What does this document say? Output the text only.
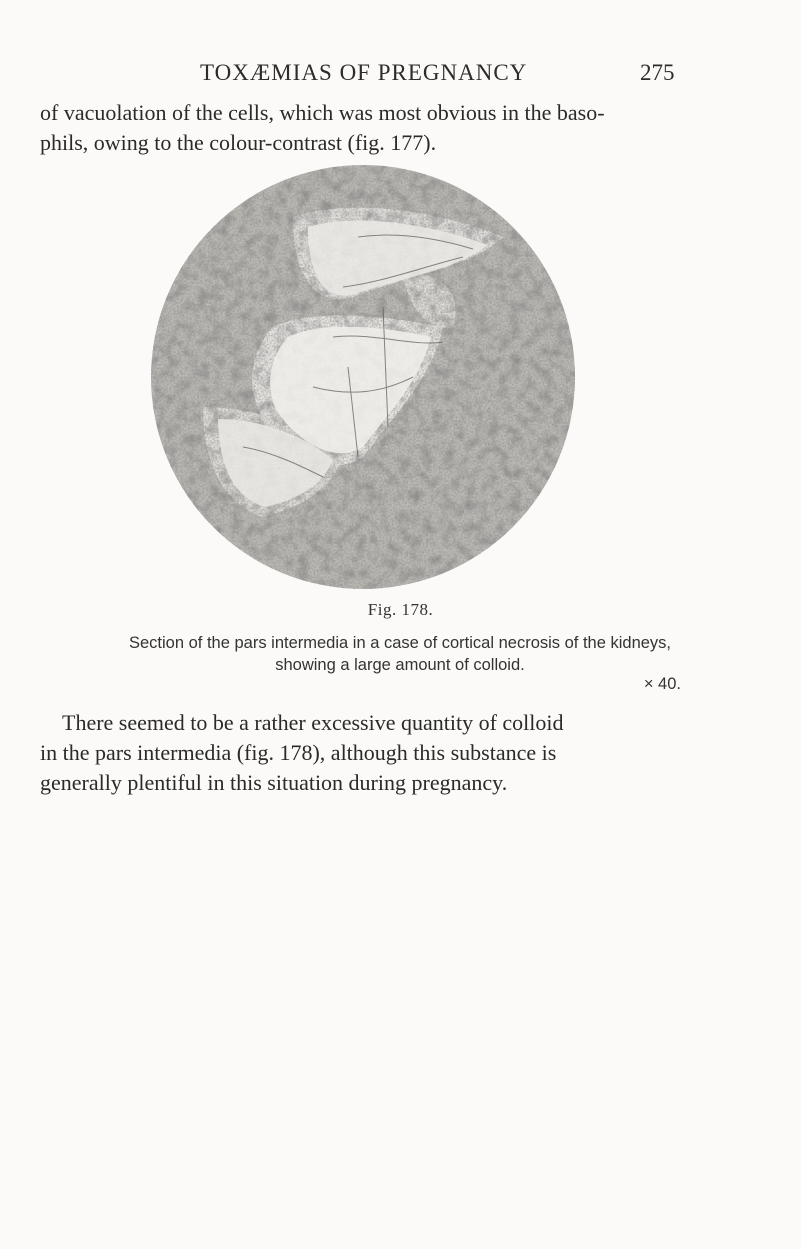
TOXÆMIAS OF PREGNANCY	275
of vacuolation of the cells, which was most obvious in the baso-
phils, owing to the colour-contrast (fig. 177).
Fig. 178.
Section of the pars intermedia in a case of cortical necrosis of the kidneys,
showing a large amount of colloid.
× 40.
There seemed to be a rather excessive quantity of colloid
in the pars intermedia (fig. 178), although this substance is
generally plentiful in this situation during pregnancy.
